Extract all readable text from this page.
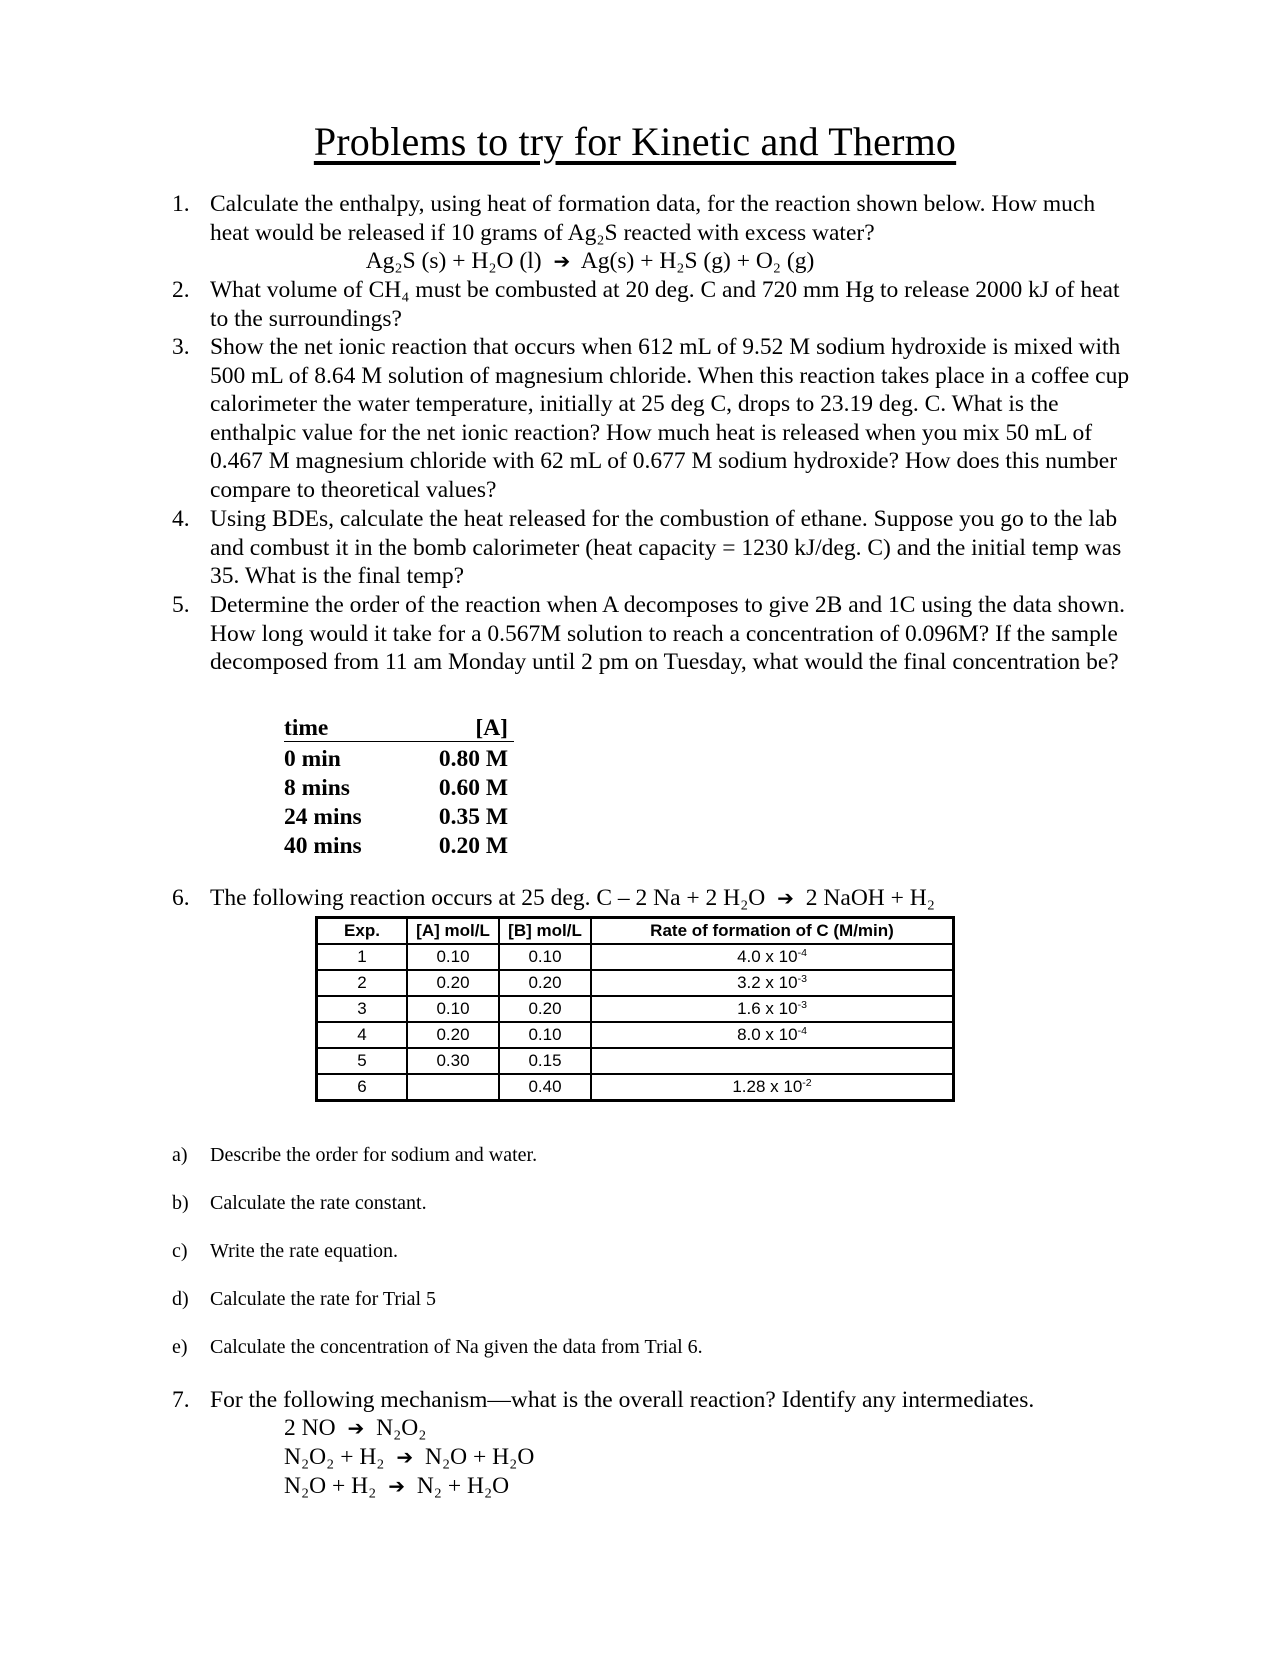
Problems to try for Kinetic and Thermo
1. Calculate the enthalpy, using heat of formation data, for the reaction shown below. How much heat would be released if 10 grams of Ag₂S reacted with excess water?
Ag₂S (s) + H₂O (l) ➔ Ag(s) + H₂S (g) + O₂ (g)
2. What volume of CH₄ must be combusted at 20 deg. C and 720 mm Hg to release 2000 kJ of heat to the surroundings?
3. Show the net ionic reaction that occurs when 612 mL of 9.52 M sodium hydroxide is mixed with 500 mL of 8.64 M solution of magnesium chloride. When this reaction takes place in a coffee cup calorimeter the water temperature, initially at 25 deg C, drops to 23.19 deg. C. What is the enthalpic value for the net ionic reaction? How much heat is released when you mix 50 mL of 0.467 M magnesium chloride with 62 mL of 0.677 M sodium hydroxide? How does this number compare to theoretical values?
4. Using BDEs, calculate the heat released for the combustion of ethane. Suppose you go to the lab and combust it in the bomb calorimeter (heat capacity = 1230 kJ/deg. C) and the initial temp was 35. What is the final temp?
5. Determine the order of the reaction when A decomposes to give 2B and 1C using the data shown. How long would it take for a 0.567M solution to reach a concentration of 0.096M? If the sample decomposed from 11 am Monday until 2 pm on Tuesday, what would the final concentration be?
time	[A]
0 min	0.80 M
8 mins	0.60 M
24 mins	0.35 M
40 mins	0.20 M
6. The following reaction occurs at 25 deg. C – 2 Na + 2 H₂O ➔ 2 NaOH + H₂
Exp.	[A] mol/L	[B] mol/L	Rate of formation of C (M/min)
1	0.10	0.10	4.0 x $10^{-4}$
2	0.20	0.20	3.2 x $10^{-3}$
3	0.10	0.20	1.6 x $10^{-3}$
4	0.20	0.10	8.0 x $10^{-4}$
5	0.30	0.15	
6		0.40	1.28 x $10^{-2}$
a) Describe the order for sodium and water.
b) Calculate the rate constant.
c) Write the rate equation.
d) Calculate the rate for Trial 5
e) Calculate the concentration of Na given the data from Trial 6.
7. For the following mechanism—what is the overall reaction? Identify any intermediates.
2 NO ➔ N₂O₂
N₂O₂ + H₂ ➔ N₂O + H₂O
N₂O + H₂ ➔ N₂ + H₂O
